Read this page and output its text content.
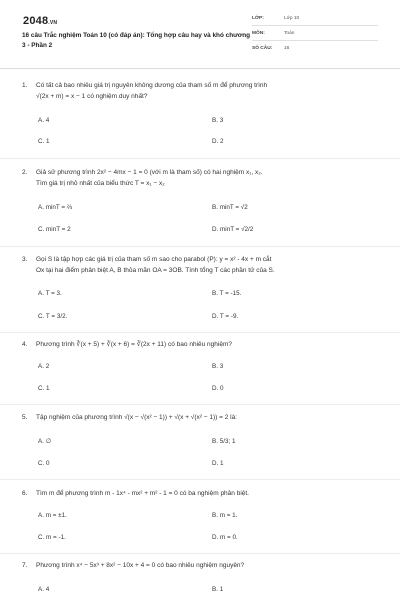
2048.VN
16 câu Trắc nghiệm Toán 10 (có đáp án): Tổng hợp câu hay và khó chương 3 - Phần 2
LỚP:	Lớp 10
MÔN:	Toán
SỐ CÂU: 16
1. Có tất cả bao nhiêu giá trị nguyên không dương của tham số m để phương trình
√(2x + m) = x − 1 có nghiệm duy nhất?
A. 4	B. 3
C. 1	D. 2
2. Giả sử phương trình 2x² − 4mx − 1 = 0 (với m là tham số) có hai nghiệm x₁, x₂.
Tìm giá trị nhỏ nhất của biểu thức T = x₁ − x₂
A. minT = ⅔	B. minT = √2
C. minT = 2	D. minT = √2/2
3. Gọi S là tập hợp các giá trị của tham số m sao cho parabol (P): y = x² - 4x + m cắt
Ox tại hai điểm phân biệt A, B thỏa mãn OA = 3OB. Tính tổng T các phần tử của S.
A. T = 3.	B. T = -15.
C. T = 3/2.	D. T = -9.
4. Phương trình ∛(x + 5) + ∛(x + 6) = ∛(2x + 11) có bao nhiêu nghiệm?
A. 2	B. 3
C. 1	D. 0
5. Tập nghiệm của phương trình √(x − √(x² − 1)) + √(x + √(x² − 1)) = 2 là:
A. ∅	B. 5/3; 1
C. 0	D. 1
6. Tìm m để phương trình m - 1x⁴ - mx² + m² - 1 = 0 có ba nghiệm phân biệt.
A. m = ±1.	B. m = 1.
C. m = -1.	D. m = 0.
7. Phương trình x⁴ − 5x³ + 8x² − 10x + 4 = 0 có bao nhiêu nghiệm nguyên?
A. 4	B. 1
